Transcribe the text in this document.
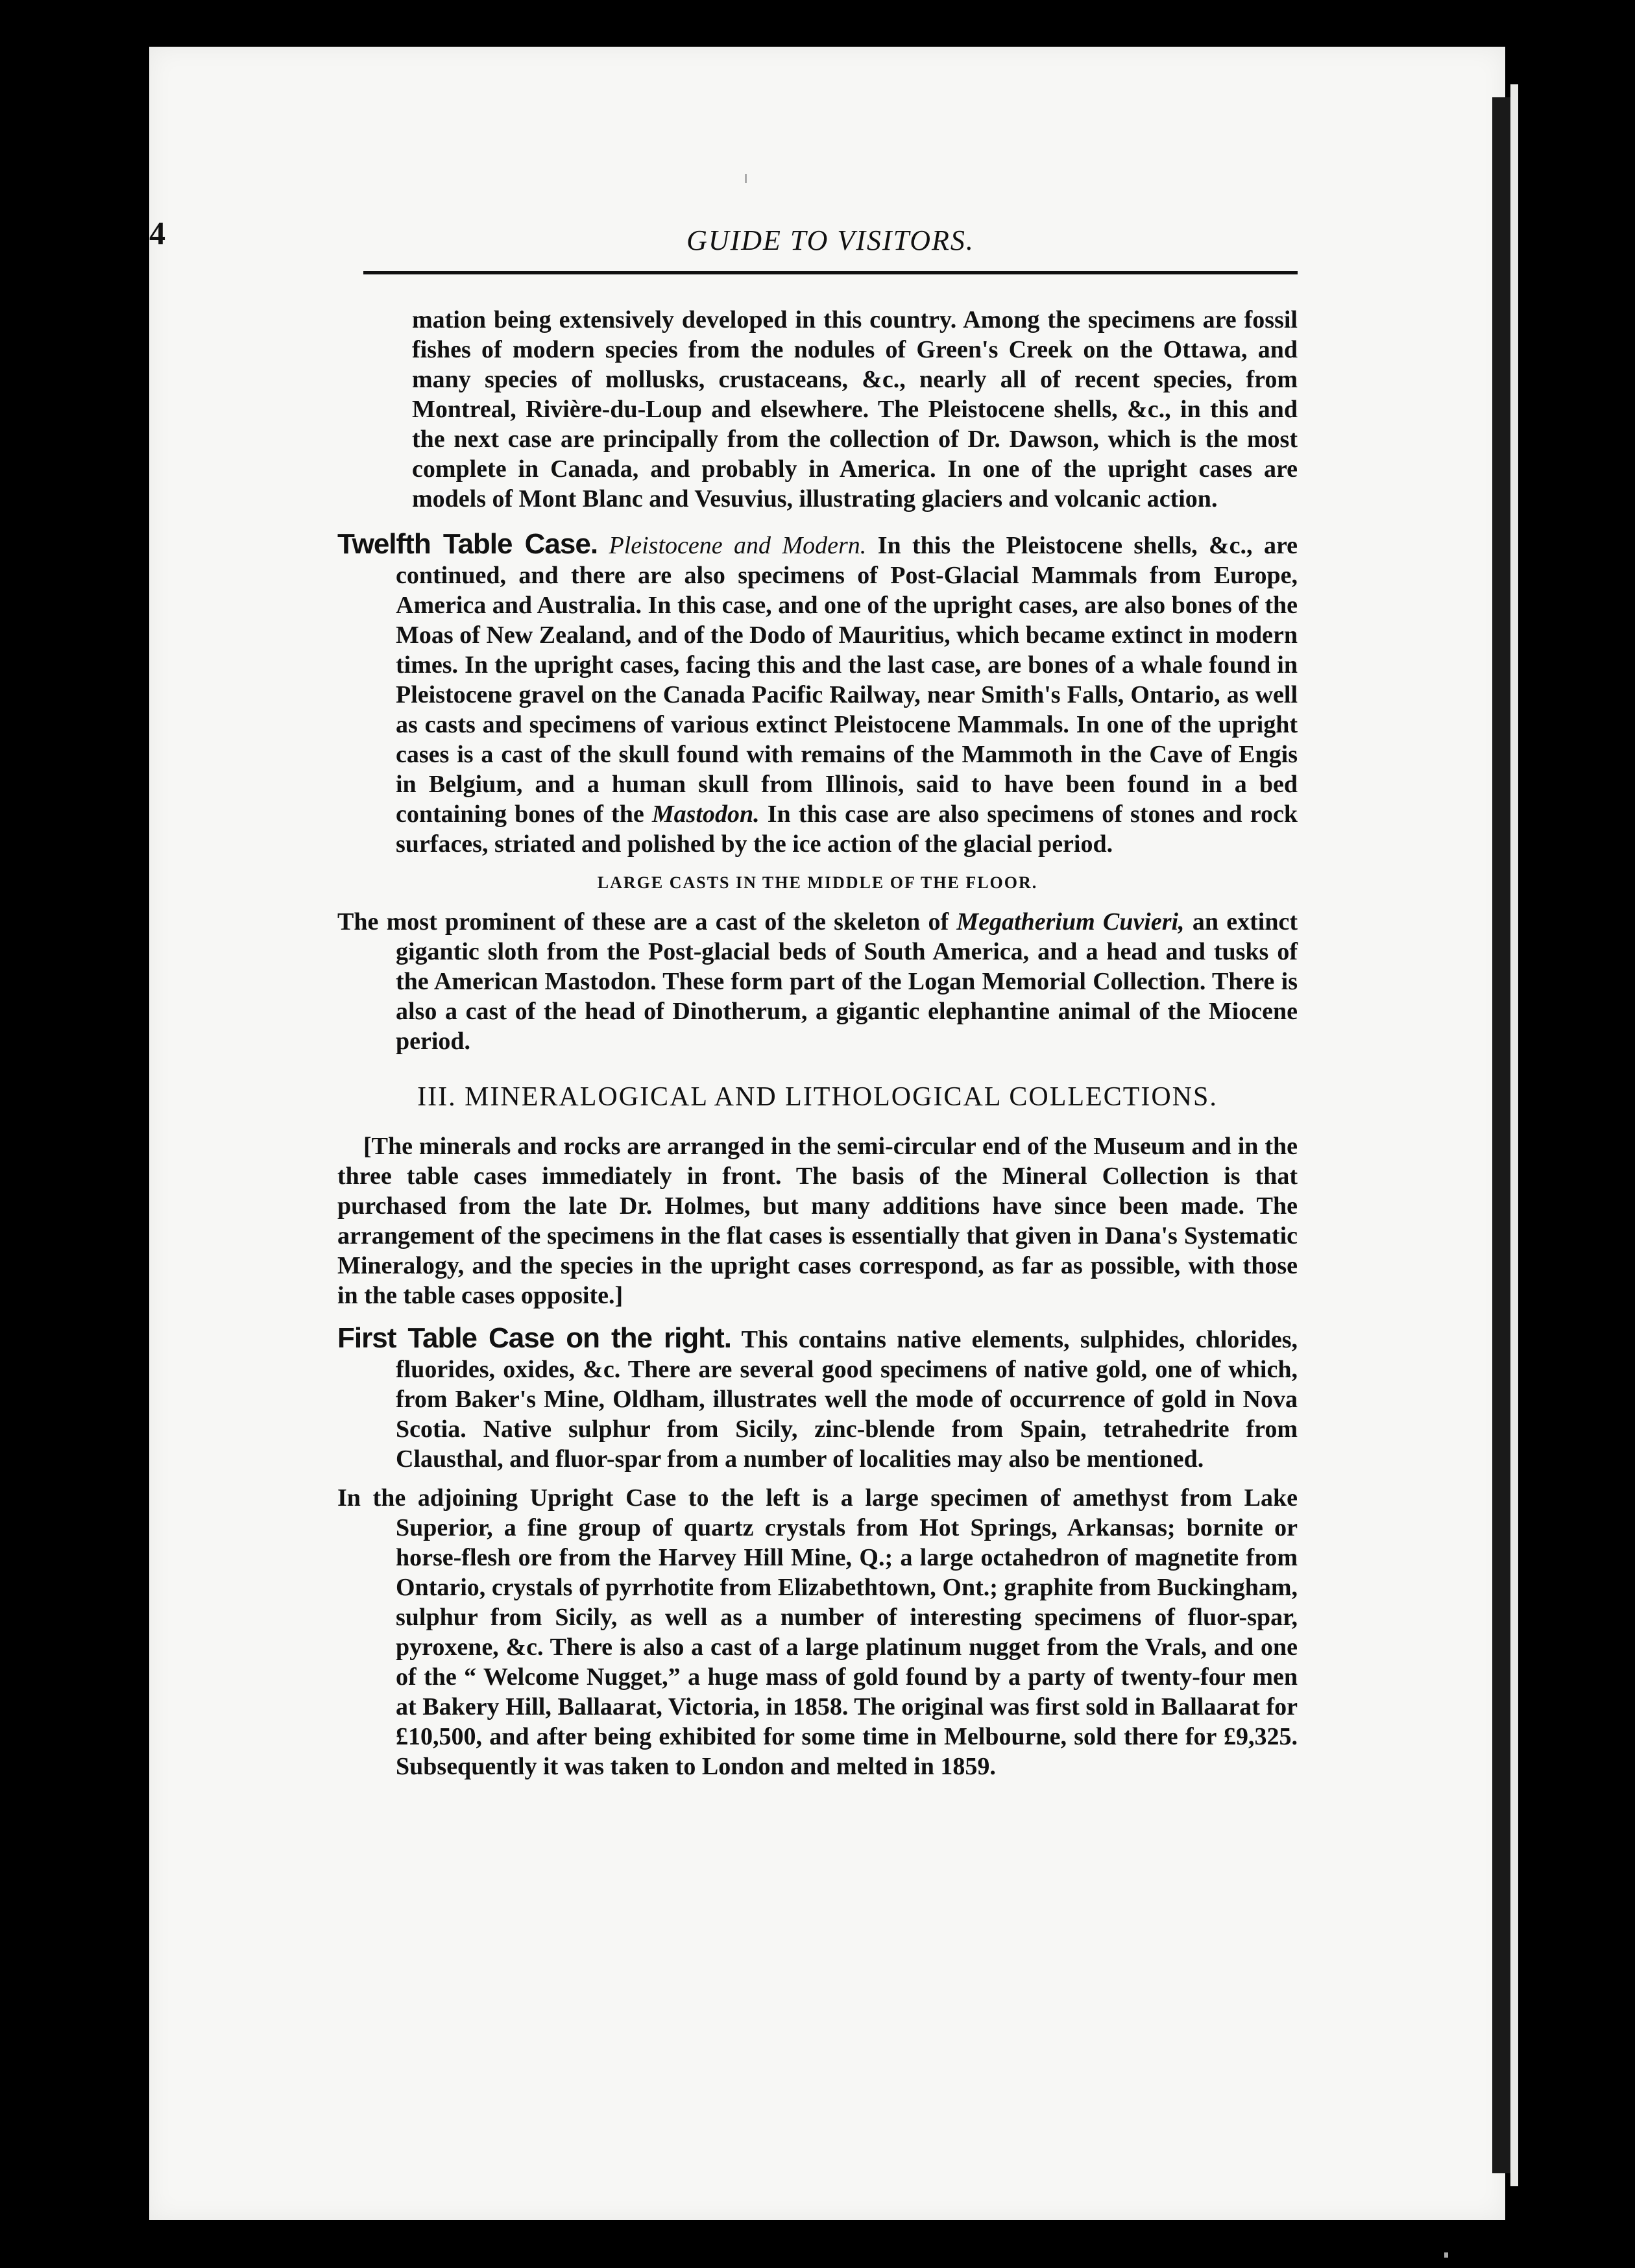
4	GUIDE TO VISITORS.

mation being extensively developed in this country. Among the specimens are fossil fishes of modern species from the nodules of Green's Creek on the Ottawa, and many species of mollusks, crustaceans, &c., nearly all of recent species, from Montreal, Rivière-du-Loup and elsewhere. The Pleistocene shells, &c., in this and the next case are principally from the collection of Dr. Dawson, which is the most complete in Canada, and probably in America. In one of the upright cases are models of Mont Blanc and Vesuvius, illustrating glaciers and volcanic action.

Twelfth Table Case. Pleistocene and Modern. In this the Pleistocene shells, &c., are continued, and there are also specimens of Post-Glacial Mammals from Europe, America and Australia. In this case, and one of the upright cases, are also bones of the Moas of New Zealand, and of the Dodo of Mauritius, which became extinct in modern times. In the upright cases, facing this and the last case, are bones of a whale found in Pleistocene gravel on the Canada Pacific Railway, near Smith's Falls, Ontario, as well as casts and specimens of various extinct Pleistocene Mammals. In one of the upright cases is a cast of the skull found with remains of the Mammoth in the Cave of Engis in Belgium, and a human skull from Illinois, said to have been found in a bed containing bones of the Mastodon. In this case are also specimens of stones and rock surfaces, striated and polished by the ice action of the glacial period.

LARGE CASTS IN THE MIDDLE OF THE FLOOR.

The most prominent of these are a cast of the skeleton of Megatherium Cuvieri, an extinct gigantic sloth from the Post-glacial beds of South America, and a head and tusks of the American Mastodon. These form part of the Logan Memorial Collection. There is also a cast of the head of Dinotherum, a gigantic elephantine animal of the Miocene period.

III. MINERALOGICAL AND LITHOLOGICAL COLLECTIONS.

[The minerals and rocks are arranged in the semi-circular end of the Museum and in the three table cases immediately in front. The basis of the Mineral Collection is that purchased from the late Dr. Holmes, but many additions have since been made. The arrangement of the specimens in the flat cases is essentially that given in Dana's Systematic Mineralogy, and the species in the upright cases correspond, as far as possible, with those in the table cases opposite.]

First Table Case on the right. This contains native elements, sulphides, chlorides, fluorides, oxides, &c. There are several good specimens of native gold, one of which, from Baker's Mine, Oldham, illustrates well the mode of occurrence of gold in Nova Scotia. Native sulphur from Sicily, zinc-blende from Spain, tetrahedrite from Clausthal, and fluor-spar from a number of localities may also be mentioned.

In the adjoining Upright Case to the left is a large specimen of amethyst from Lake Superior, a fine group of quartz crystals from Hot Springs, Arkansas; bornite or horse-flesh ore from the Harvey Hill Mine, Q.; a large octahedron of magnetite from Ontario, crystals of pyrrhotite from Elizabethtown, Ont.; graphite from Buckingham, sulphur from Sicily, as well as a number of interesting specimens of fluor-spar, pyroxene, &c. There is also a cast of a large platinum nugget from the Vrals, and one of the “ Welcome Nugget,” a huge mass of gold found by a party of twenty-four men at Bakery Hill, Ballaarat, Victoria, in 1858. The original was first sold in Ballaarat for £10,500, and after being exhibited for some time in Melbourne, sold there for £9,325. Subsequently it was taken to London and melted in 1859.
